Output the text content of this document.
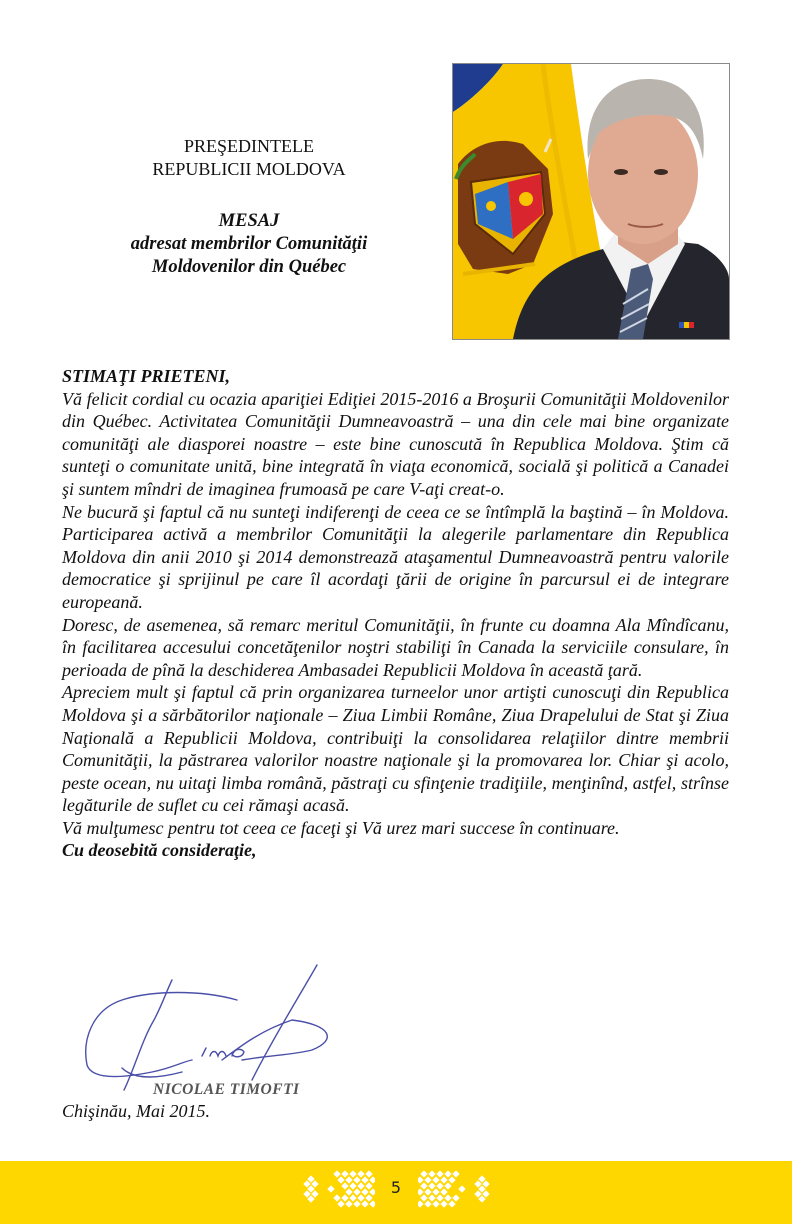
PREŞEDINTELE
REPUBLICII MOLDOVA
MESAJ
adresat membrilor Comunităţii
Moldovenilor din Québec

STIMAŢI PRIETENI,

Vă felicit cordial cu ocazia apariţiei Ediţiei 2015-2016 a Broşurii Comunităţii Moldovenilor din Québec. Activitatea Comunităţii Dumneavoastră – una din cele mai bine organizate comunităţi ale diasporei noastre – este bine cunoscută în Republica Moldova. Ştim că sunteţi o comunitate unită, bine integrată în viaţa economică, socială şi politică a Canadei şi suntem mîndri de imaginea frumoasă pe care V-aţi creat-o.

Ne bucură şi faptul că nu sunteţi indiferenţi de ceea ce se întîmplă la baştină – în Moldova. Participarea activă a membrilor Comunităţii la alegerile parlamentare din Republica Moldova din anii 2010 şi 2014 demonstrează ataşamentul Dumneavoastră pentru valorile democratice şi sprijinul pe care îl acordaţi ţării de origine în parcursul ei de integrare europeană.

Doresc, de asemenea, să remarc meritul Comunităţii, în frunte cu doamna Ala Mîndîcanu, în facilitarea accesului concetăţenilor noştri stabiliţi în Canada la serviciile consulare, în perioada de pînă la deschiderea Ambasadei Republicii Moldova în această ţară.

Apreciem mult şi faptul că prin organizarea turneelor unor artişti cunoscuţi din Republica Moldova şi a sărbătorilor naţionale – Ziua Limbii Române, Ziua Drapelului de Stat şi Ziua Naţională a Republicii Moldova, contribuiţi la consolidarea relaţiilor dintre membrii Comunităţii, la păstrarea valorilor noastre naţionale şi la promovarea lor. Chiar şi acolo, peste ocean, nu uitaţi limba română, păstraţi cu sfinţenie tradiţiile, menţinînd, astfel, strînse legăturile de suflet cu cei rămaşi acasă.

Vă mulţumesc pentru tot ceea ce faceţi şi Vă urez mari succese în continuare.

Cu deosebită consideraţie,

NICOLAE TIMOFTI
Chişinău, Mai 2015.
5
